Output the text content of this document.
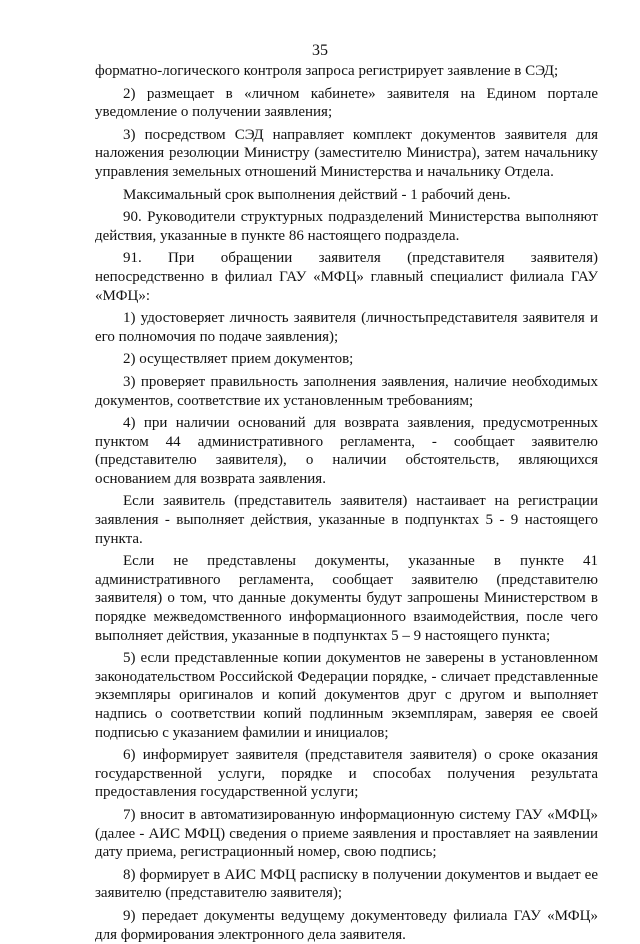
35

форматно-логического контроля запроса регистрирует заявление в СЭД;

2) размещает в «личном кабинете» заявителя на Едином портале уведомление о получении заявления;

3) посредством СЭД направляет комплект документов заявителя для наложения резолюции Министру (заместителю Министра), затем начальнику управления земельных отношений Министерства и начальнику Отдела.

Максимальный срок выполнения действий - 1 рабочий день.

90. Руководители структурных подразделений Министерства выполняют действия, указанные в пункте 86 настоящего подраздела.

91. При обращении заявителя (представителя заявителя) непосредственно в филиал ГАУ «МФЦ» главный специалист филиала ГАУ «МФЦ»:

1) удостоверяет личность заявителя (личностьпредставителя заявителя и его полномочия по подаче заявления);

2) осуществляет прием документов;

3) проверяет правильность заполнения заявления, наличие необходимых документов, соответствие их установленным требованиям;

4) при наличии оснований для возврата заявления, предусмотренных пунктом 44 административного регламента, - сообщает заявителю (представителю заявителя), о наличии обстоятельств, являющихся основанием для возврата заявления.

Если заявитель (представитель заявителя) настаивает на регистрации заявления - выполняет действия, указанные в подпунктах 5 - 9 настоящего пункта.

Если не представлены документы, указанные в пункте 41 административного регламента, сообщает заявителю (представителю заявителя) о том, что данные документы будут запрошены Министерством в порядке межведомственного информационного взаимодействия, после чего выполняет действия, указанные в подпунктах 5 – 9 настоящего пункта;

5) если представленные копии документов не заверены в установленном законодательством Российской Федерации порядке, - сличает представленные экземпляры оригиналов и копий документов друг с другом и выполняет надпись о соответствии копий подлинным экземплярам, заверяя ее своей подписью с указанием фамилии и инициалов;

6) информирует заявителя (представителя заявителя) о сроке оказания государственной услуги, порядке и способах получения результата предоставления государственной услуги;

7) вносит в автоматизированную информационную систему ГАУ «МФЦ» (далее - АИС МФЦ) сведения о приеме заявления и проставляет на заявлении дату приема, регистрационный номер, свою подпись;

8) формирует в АИС МФЦ расписку в получении документов и выдает ее заявителю (представителю заявителя);

9) передает документы ведущему документоведу филиала ГАУ «МФЦ» для формирования электронного дела заявителя.
